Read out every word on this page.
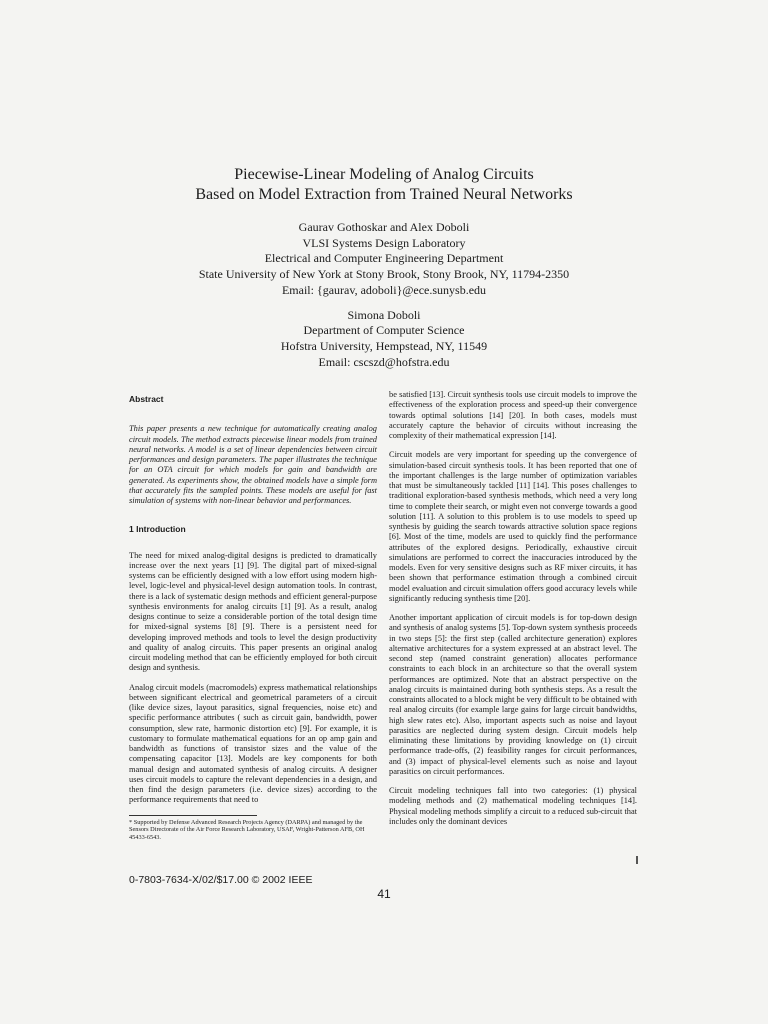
Piecewise-Linear Modeling of Analog Circuits
Based on Model Extraction from Trained Neural Networks
Gaurav Gothoskar and Alex Doboli
VLSI Systems Design Laboratory
Electrical and Computer Engineering Department
State University of New York at Stony Brook, Stony Brook, NY, 11794-2350
Email: {gaurav, adoboli}@ece.sunysb.edu
Simona Doboli
Department of Computer Science
Hofstra University, Hempstead, NY, 11549
Email: cscszd@hofstra.edu
Abstract

This paper presents a new technique for automatically creating analog circuit models. The method extracts piecewise linear models from trained neural networks. A model is a set of linear dependencies between circuit performances and design parameters. The paper illustrates the technique for an OTA circuit for which models for gain and bandwidth are generated. As experiments show, the obtained models have a simple form that accurately fits the sampled points. These models are useful for fast simulation of systems with non-linear behavior and performances.

1 Introduction

The need for mixed analog-digital designs is predicted to dramatically increase over the next years [1] [9]. The digital part of mixed-signal systems can be efficiently designed with a low effort using modern high-level, logic-level and physical-level design automation tools. In contrast, there is a lack of systematic design methods and efficient general-purpose synthesis environments for analog circuits [1] [9]. As a result, analog designs continue to seize a considerable portion of the total design time for mixed-signal systems [8] [9]. There is a persistent need for developing improved methods and tools to level the design productivity and quality of analog circuits. This paper presents an original analog circuit modeling method that can be efficiently employed for both circuit design and synthesis.

Analog circuit models (macromodels) express mathematical relationships between significant electrical and geometrical parameters of a circuit (like device sizes, layout parasitics, signal frequencies, noise etc) and specific performance attributes ( such as circuit gain, bandwidth, power consumption, slew rate, harmonic distortion etc) [9]. For example, it is customary to formulate mathematical equations for an op amp gain and bandwidth as functions of transistor sizes and the value of the compensating capacitor [13]. Models are key components for both manual design and automated synthesis of analog circuits. A designer uses circuit models to capture the relevant dependencies in a design, and then find the design parameters (i.e. device sizes) according to the performance requirements that need to

* Supported by Defense Advanced Research Projects Agency (DARPA) and managed by the Sensors Directorate of the Air Force Research Laboratory, USAF, Wright-Patterson AFB, OH 45433-6543.

be satisfied [13]. Circuit synthesis tools use circuit models to improve the effectiveness of the exploration process and speed-up their convergence towards optimal solutions [14] [20]. In both cases, models must accurately capture the behavior of circuits without increasing the complexity of their mathematical expression [14].

Circuit models are very important for speeding up the convergence of simulation-based circuit synthesis tools. It has been reported that one of the important challenges is the large number of optimization variables that must be simultaneously tackled [11] [14]. This poses challenges to traditional exploration-based synthesis methods, which need a very long time to complete their search, or might even not converge towards a good solution [11]. A solution to this problem is to use models to speed up synthesis by guiding the search towards attractive solution space regions [6]. Most of the time, models are used to quickly find the performance attributes of the explored designs. Periodically, exhaustive circuit simulations are performed to correct the inaccuracies introduced by the models. Even for very sensitive designs such as RF mixer circuits, it has been shown that performance estimation through a combined circuit model evaluation and circuit simulation offers good accuracy levels while significantly reducing synthesis time [20].

Another important application of circuit models is for top-down design and synthesis of analog systems [5]. Top-down system synthesis proceeds in two steps [5]: the first step (called architecture generation) explores alternative architectures for a system expressed at an abstract level. The second step (named constraint generation) allocates performance constraints to each block in an architecture so that the overall system performances are optimized. Note that an abstract perspective on the analog circuits is maintained during both synthesis steps. As a result the constraints allocated to a block might be very difficult to be obtained with real analog circuits (for example large gains for large circuit bandwidths, high slew rates etc). Also, important aspects such as noise and layout parasitics are neglected during system design. Circuit models help eliminating these limitations by providing knowledge on (1) circuit performance trade-offs, (2) feasibility ranges for circuit performances, and (3) impact of physical-level elements such as noise and layout parasitics on circuit performances.

Circuit modeling techniques fall into two categories: (1) physical modeling methods and (2) mathematical modeling techniques [14]. Physical modeling methods simplify a circuit to a reduced sub-circuit that includes only the dominant devices

0-7803-7634-X/02/$17.00 © 2002 IEEE
41
